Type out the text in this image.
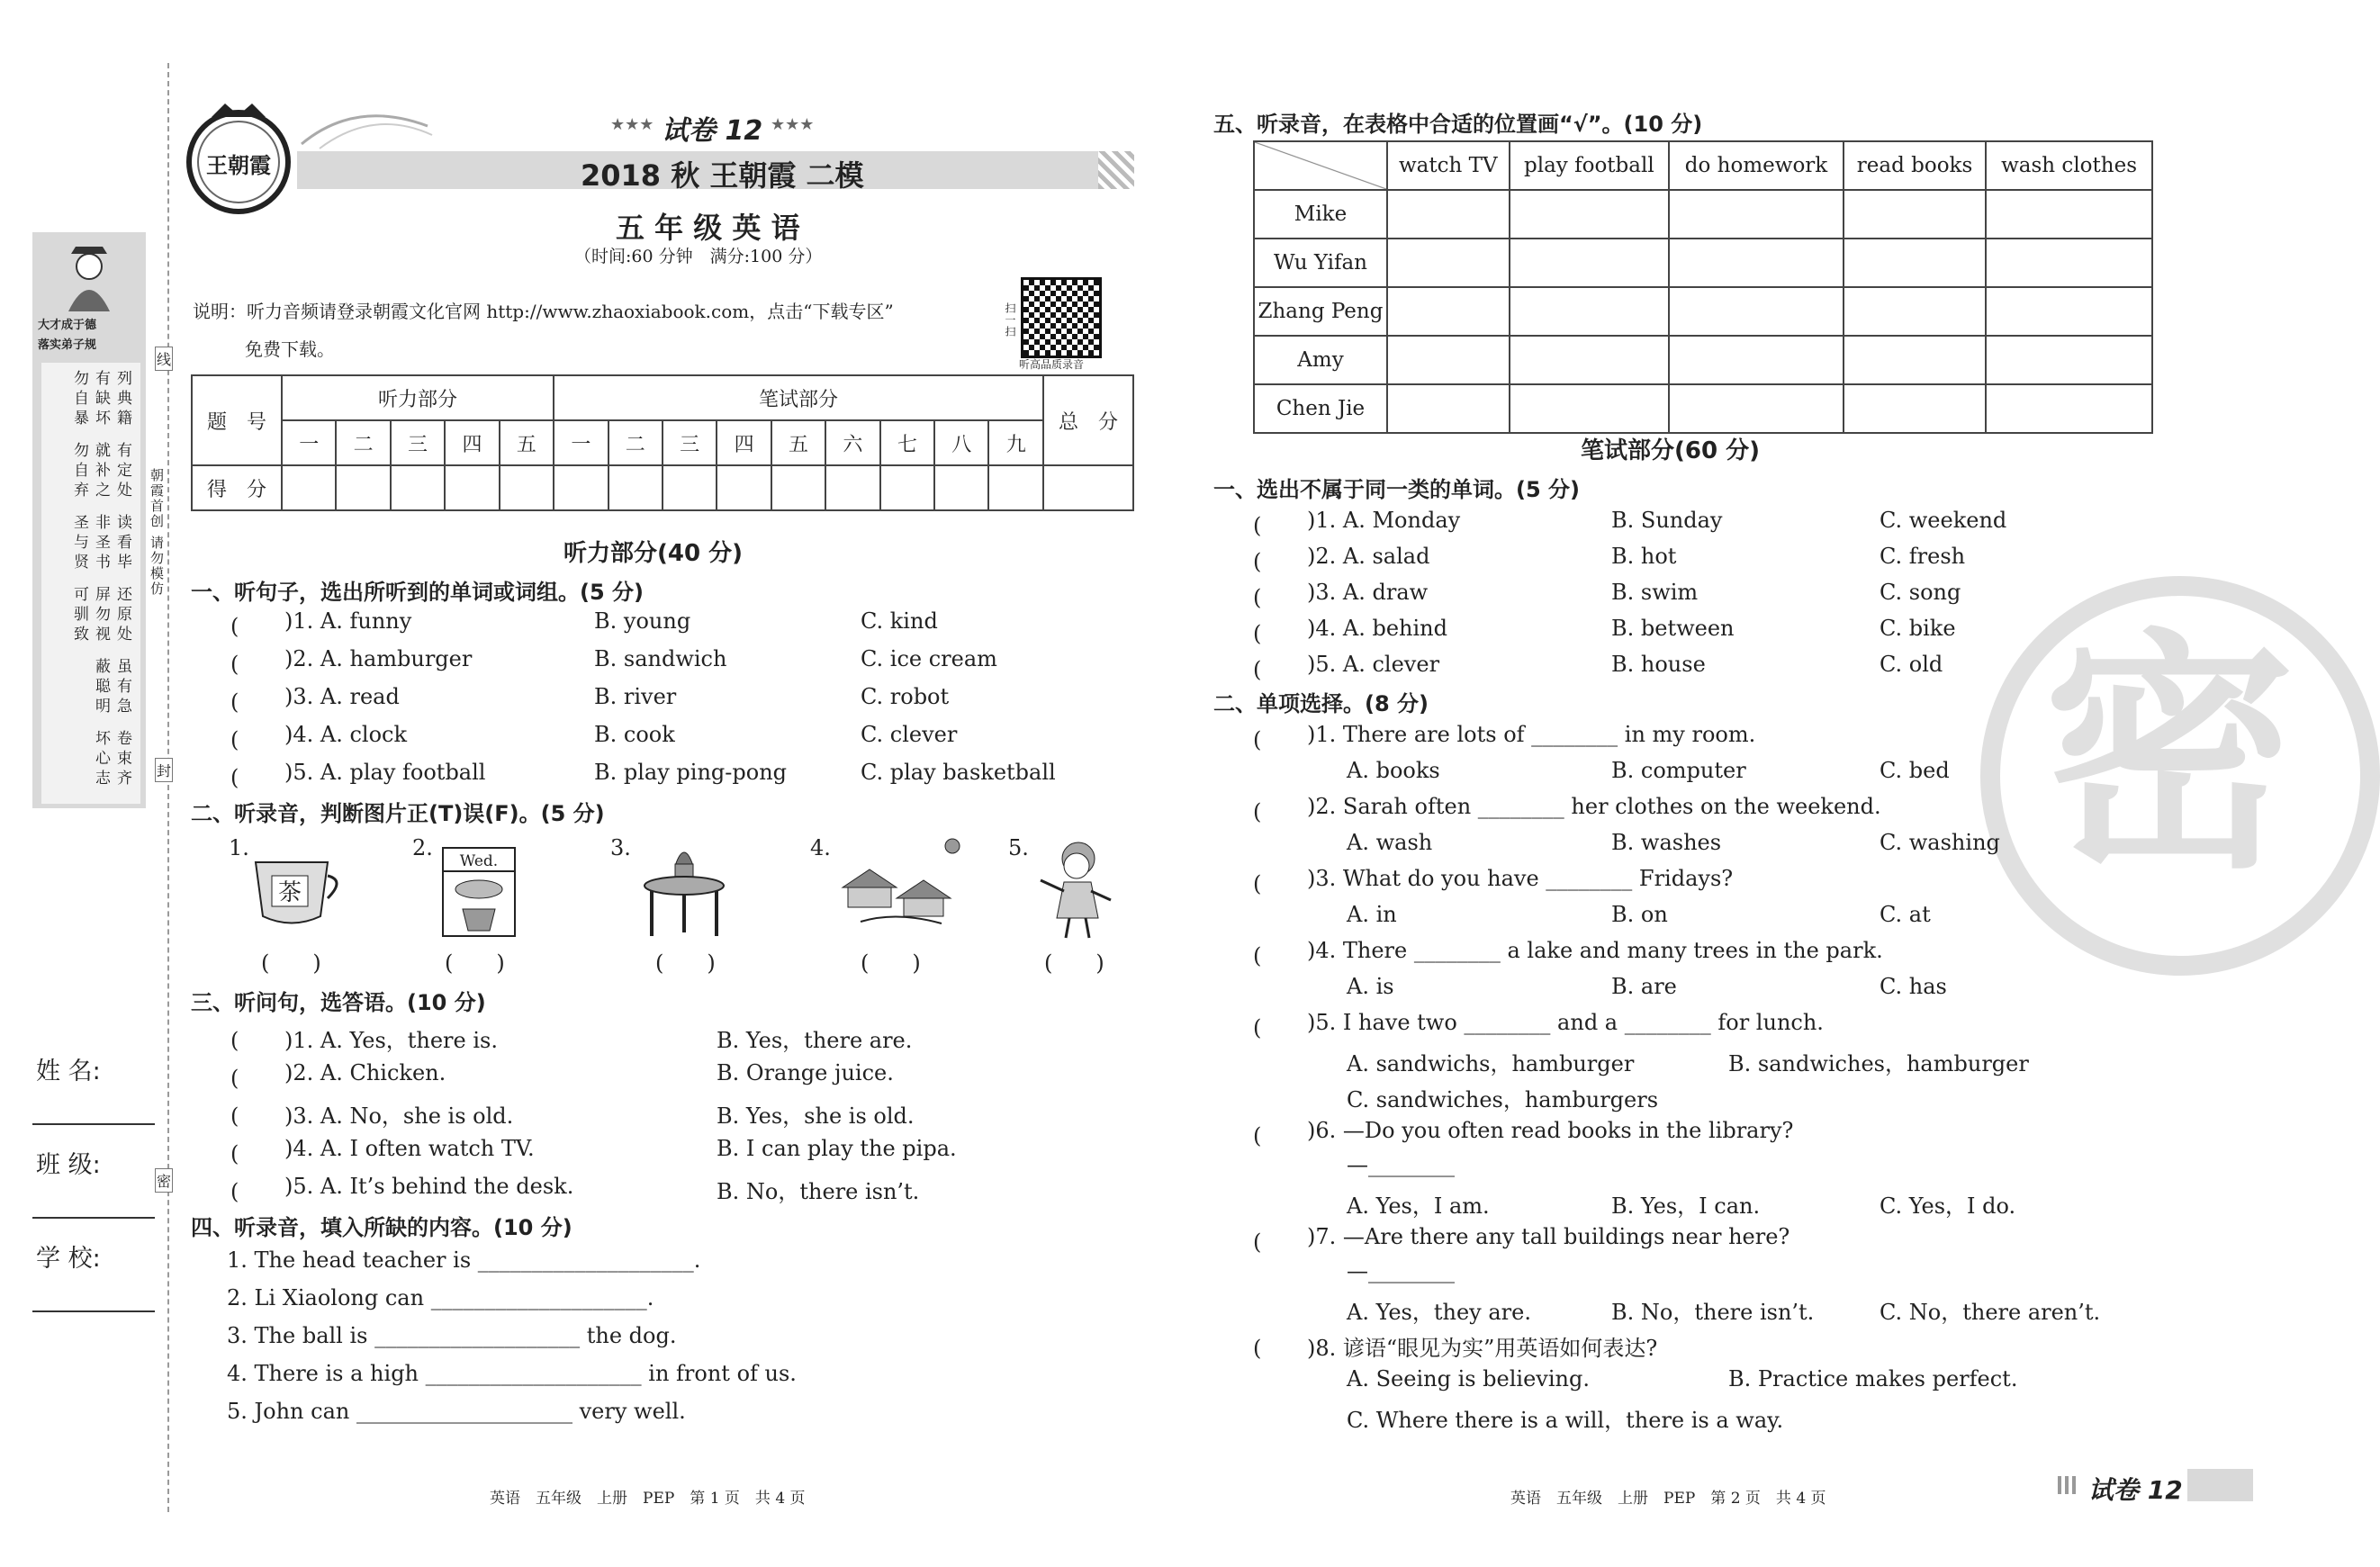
大才成于德
落实弟子规
列典籍
有缺坏
勿自暴
有定处
就补之
勿自弃
读看毕
非圣书
圣与贤
还原处
屏勿视
可驯致
虽有急
蔽聪明
卷束齐
坏心志
线
封
密
朝霞首创 请勿模仿
姓 名:
班 级:
学 校:
王朝霞
★★★ 试卷 12 ★★★
2018 秋 王朝霞 二模
五 年 级 英 语
（时间:60 分钟　满分:100 分）
说明：听力音频请登录朝霞文化官网 http://www.zhaoxiabook.com，点击“下载专区”
免费下载。
扫一扫
听高品质录音
题　号	听力部分					笔试部分									总　分
	一	二	三	四	五	一	二	三	四	五	六	七	八	九	
得　分															
听力部分(40 分)
一、听句子，选出所听到的单词或词组。(5 分)
(　　 )1. A. funny	B. young	C. kind
(　　 )2. A. hamburger	B. sandwich	C. ice cream
(　　 )3. A. read	B. river	C. robot
(　　 )4. A. clock	B. cook	C. clever
(　　 )5. A. play football	B. play ping-pong	C. play basketball
二、听录音，判断图片正(T)误(F)。(5 分)
1.
茶
(　　)
2.
Wed.
(　　)
3.
(　　)
4.
(　　)
5.
(　　)
三、听问句，选答语。(10 分)
(　　 )1. A. Yes，there is.	B. Yes，there are.
(　　 )2. A. Chicken.	B. Orange juice.
(　　 )3. A. No，she is old.	B. Yes，she is old.
(　　 )4. A. I often watch TV.	B. I can play the pipa.
(　　 )5. A. It’s behind the desk.	B. No，there isn’t.
四、听录音，填入所缺的内容。(10 分)
1. The head teacher is ____________________.
2. Li Xiaolong can ____________________.
3. The ball is ___________________ the dog.
4. There is a high ____________________ in front of us.
5. John can ____________________ very well.
英语　五年级　上册　PEP　第 1 页　共 4 页
密
五、听录音，在表格中合适的位置画“√”。(10 分)
	watch TV	play football	do homework	read books	wash clothes
Mike					
Wu Yifan					
Zhang Peng					
Amy					
Chen Jie					
笔试部分(60 分)
一、选出不属于同一类的单词。(5 分)
(　　 )1. A. Monday	B. Sunday	C. weekend
(　　 )2. A. salad	B. hot	C. fresh
(　　 )3. A. draw	B. swim	C. song
(　　 )4. A. behind	B. between	C. bike
(　　 )5. A. clever	B. house	C. old
二、单项选择。(8 分)
(　　 )1. There are lots of ________ in my room.
A. books	B. computer	C. bed
(　　 )2. Sarah often ________ her clothes on the weekend.
A. wash	B. washes	C. washing
(　　 )3. What do you have ________ Fridays?
A. in	B. on	C. at
(　　 )4. There ________ a lake and many trees in the park.
A. is	B. are	C. has
(　　 )5. I have two ________ and a ________ for lunch.
A. sandwichs，hamburger	B. sandwiches，hamburger
C. sandwiches，hamburgers
(　　 )6. —Do you often read books in the library?
—________
A. Yes，I am.	B. Yes，I can.	C. Yes，I do.
(　　 )7. —Are there any tall buildings near here?
—________
A. Yes，they are.	B. No，there isn’t.	C. No，there aren’t.
(　　 )8. 谚语“眼见为实”用英语如何表达?
A. Seeing is believing.	B. Practice makes perfect.
C. Where there is a will，there is a way.
英语　五年级　上册　PEP　第 2 页　共 4 页	试卷 12
